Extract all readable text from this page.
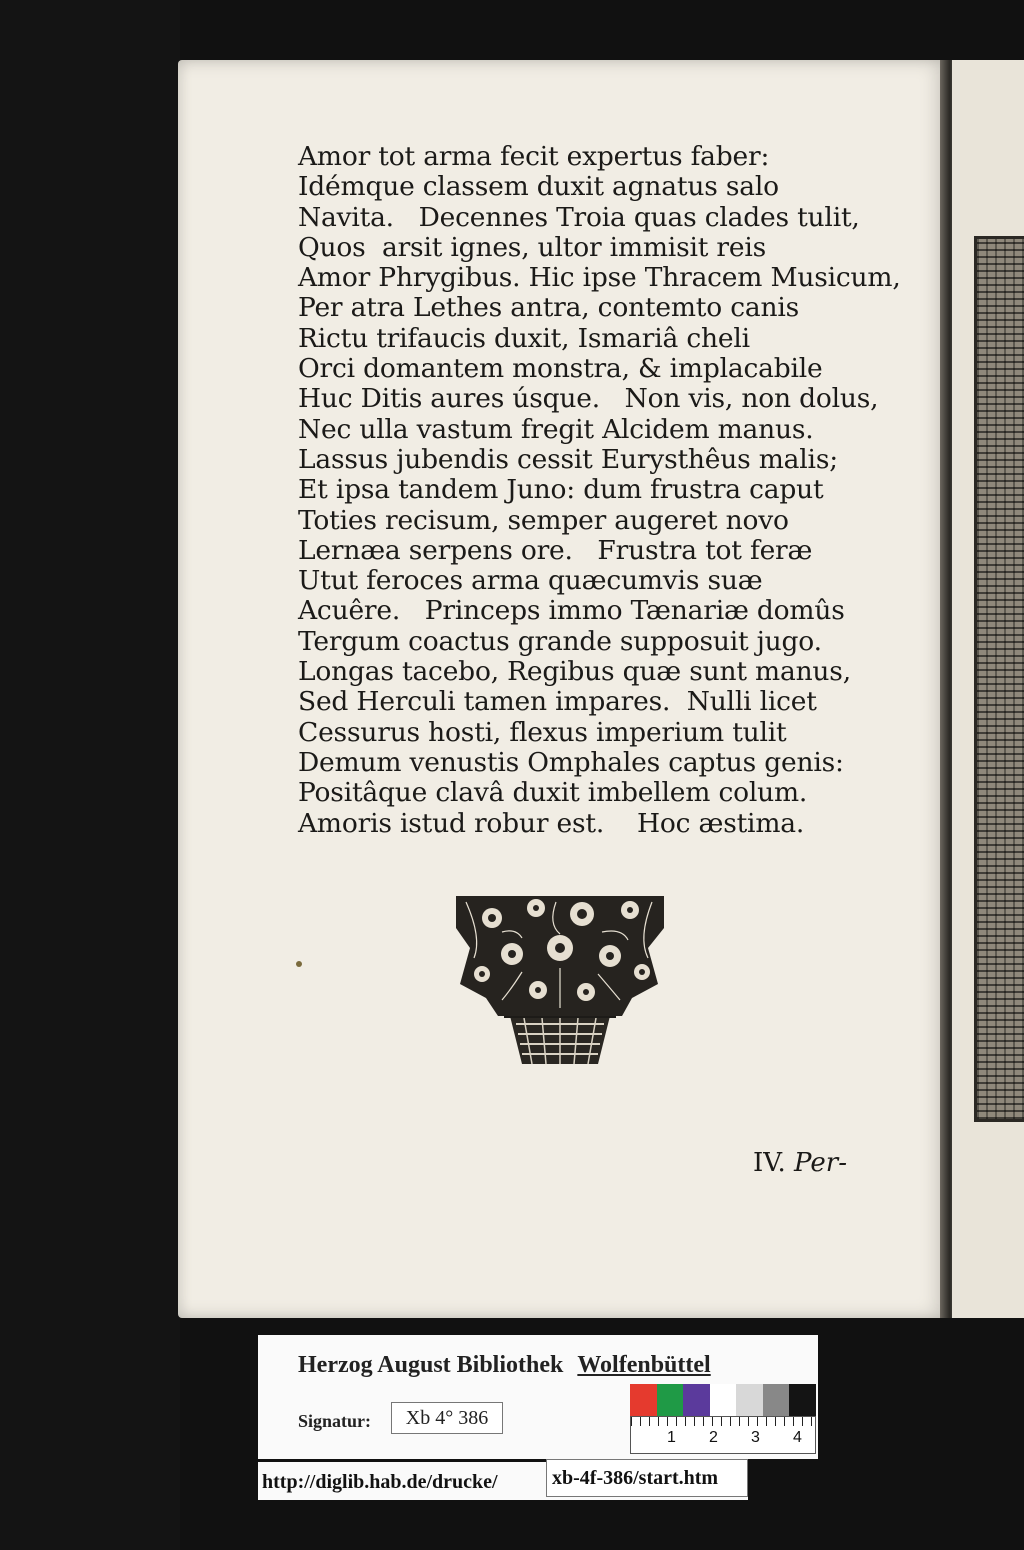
Amor tot arma fecit expertus faber:
Idémque classem duxit agnatus salo
Navita.   Decennes Troia quas clades tulit,
Quos  arsit ignes, ultor immisit reis
Amor Phrygibus. Hic ipse Thracem Musicum,
Per atra Lethes antra, contemto canis
Rictu trifaucis duxit, Ismariâ cheli
Orci domantem monstra, & implacabile
Huc Ditis aures úsque.   Non vis, non dolus,
Nec ulla vastum fregit Alcidem manus.
Lassus jubendis cessit Eurysthêus malis;
Et ipsa tandem Juno: dum frustra caput
Toties recisum, semper augeret novo
Lernæa serpens ore.   Frustra tot feræ
Utut feroces arma quæcumvis suæ
Acuêre.   Princeps immo Tænariæ domûs
Tergum coactus grande supposuit jugo.
Longas tacebo, Regibus quæ sunt manus,
Sed Herculi tamen impares.  Nulli licet
Cessurus hosti, flexus imperium tulit
Demum venustis Omphales captus genis:
Positâque clavâ duxit imbellem colum.
Amoris istud robur est.    Hoc æstima.
IV. Per-
Herzog August Bibliothek Wolfenbüttel
Signatur:	Xb 4° 386
1 2 3 4
http://diglib.hab.de/drucke/	xb-4f-386/start.htm
